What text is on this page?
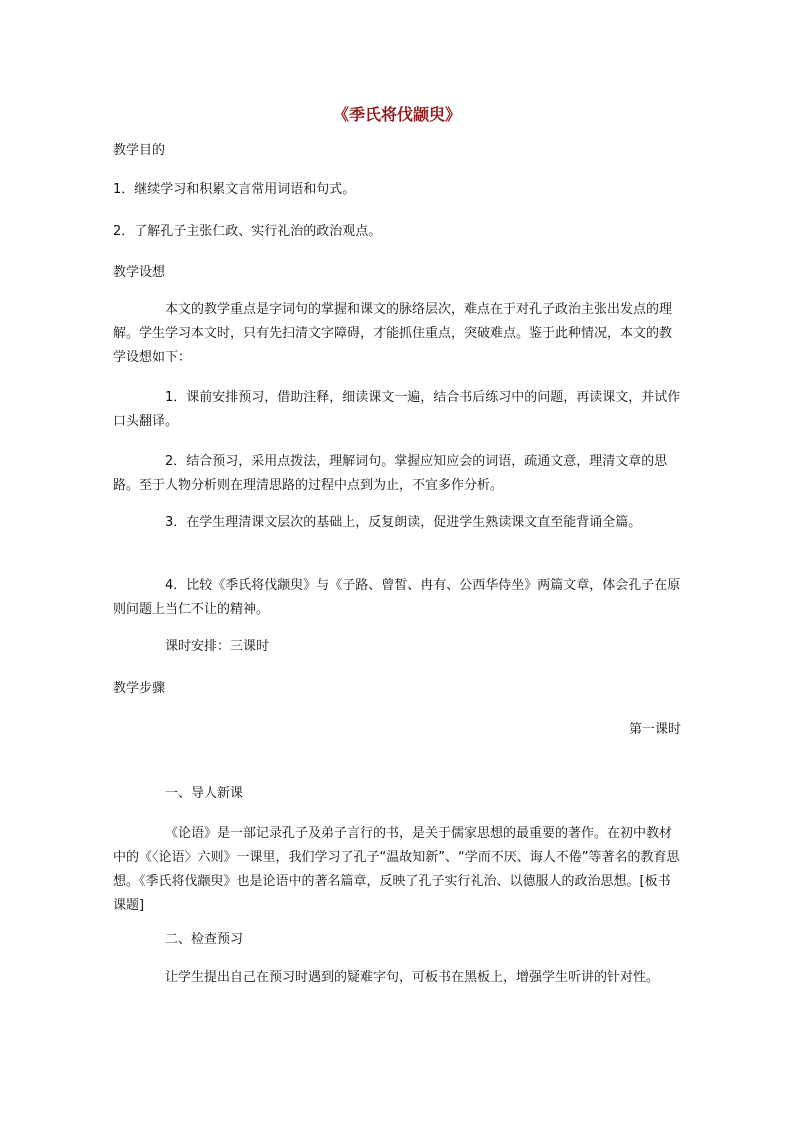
《季氏将伐颛臾》

教学目的

1．继续学习和积累文言常用词语和句式。

2．了解孔子主张仁政、实行礼治的政治观点。

教学设想

本文的教学重点是字词句的掌握和课文的脉络层次，难点在于对孔子政治主张出发点的理解。学生学习本文时，只有先扫清文字障碍，才能抓住重点，突破难点。鉴于此种情况，本文的教学设想如下：

1．课前安排预习，借助注释，细读课文一遍，结合书后练习中的问题，再读课文，并试作口头翻译。

2．结合预习，采用点拨法，理解词句。掌握应知应会的词语，疏通文意，理清文章的思路。至于人物分析则在理清思路的过程中点到为止，不宜多作分析。

3．在学生理清课文层次的基础上，反复朗读，促进学生熟读课文直至能背诵全篇。

4．比较《季氏将伐颛臾》与《子路、曾皙、冉有、公西华侍坐》两篇文章，体会孔子在原则问题上当仁不让的精神。

课时安排：三课时

教学步骤

第一课时

一、导人新课

《论语》是一部记录孔子及弟子言行的书，是关于儒家思想的最重要的著作。在初中教材中的《〈论语〉六则》一课里，我们学习了孔子“温故知新”、“学而不厌、诲人不倦”等著名的教育思想。《季氏将伐颛臾》也是论语中的著名篇章，反映了孔子实行礼治、以德服人的政治思想。[板书课题]

二、检查预习

让学生提出自己在预习时遇到的疑难字句，可板书在黑板上，增强学生听讲的针对性。
